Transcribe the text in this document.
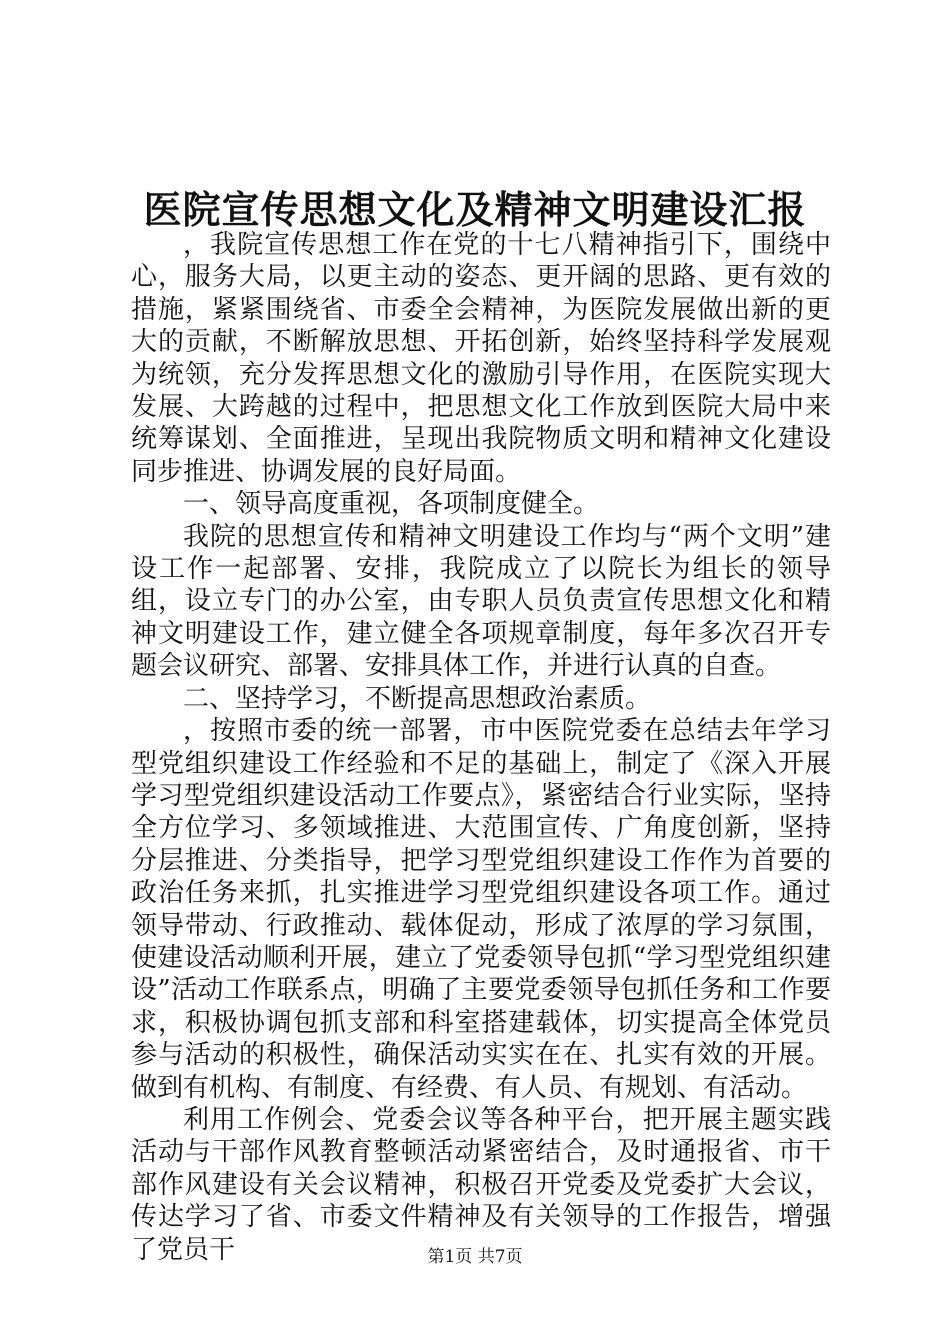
医院宣传思想文化及精神文明建设汇报

，我院宣传思想工作在党的十七八精神指引下，围绕中心，服务大局，以更主动的姿态、更开阔的思路、更有效的措施，紧紧围绕省、市委全会精神，为医院发展做出新的更大的贡献，不断解放思想、开拓创新，始终坚持科学发展观为统领，充分发挥思想文化的激励引导作用，在医院实现大发展、大跨越的过程中，把思想文化工作放到医院大局中来统筹谋划、全面推进，呈现出我院物质文明和精神文化建设同步推进、协调发展的良好局面。

一、领导高度重视，各项制度健全。

我院的思想宣传和精神文明建设工作均与“两个文明”建设工作一起部署、安排，我院成立了以院长为组长的领导组，设立专门的办公室，由专职人员负责宣传思想文化和精神文明建设工作，建立健全各项规章制度，每年多次召开专题会议研究、部署、安排具体工作，并进行认真的自查。

二、坚持学习，不断提高思想政治素质。

，按照市委的统一部署，市中医院党委在总结去年学习型党组织建设工作经验和不足的基础上，制定了《深入开展学习型党组织建设活动工作要点》，紧密结合行业实际，坚持全方位学习、多领域推进、大范围宣传、广角度创新，坚持分层推进、分类指导，把学习型党组织建设工作作为首要的政治任务来抓，扎实推进学习型党组织建设各项工作。通过领导带动、行政推动、载体促动，形成了浓厚的学习氛围，使建设活动顺利开展，建立了党委领导包抓“学习型党组织建设”活动工作联系点，明确了主要党委领导包抓任务和工作要求，积极协调包抓支部和科室搭建载体，切实提高全体党员参与活动的积极性，确保活动实实在在、扎实有效的开展。做到有机构、有制度、有经费、有人员、有规划、有活动。

利用工作例会、党委会议等各种平台，把开展主题实践活动与干部作风教育整顿活动紧密结合，及时通报省、市干部作风建设有关会议精神，积极召开党委及党委扩大会议，传达学习了省、市委文件精神及有关领导的工作报告，增强了党员干	第1页 共7页
